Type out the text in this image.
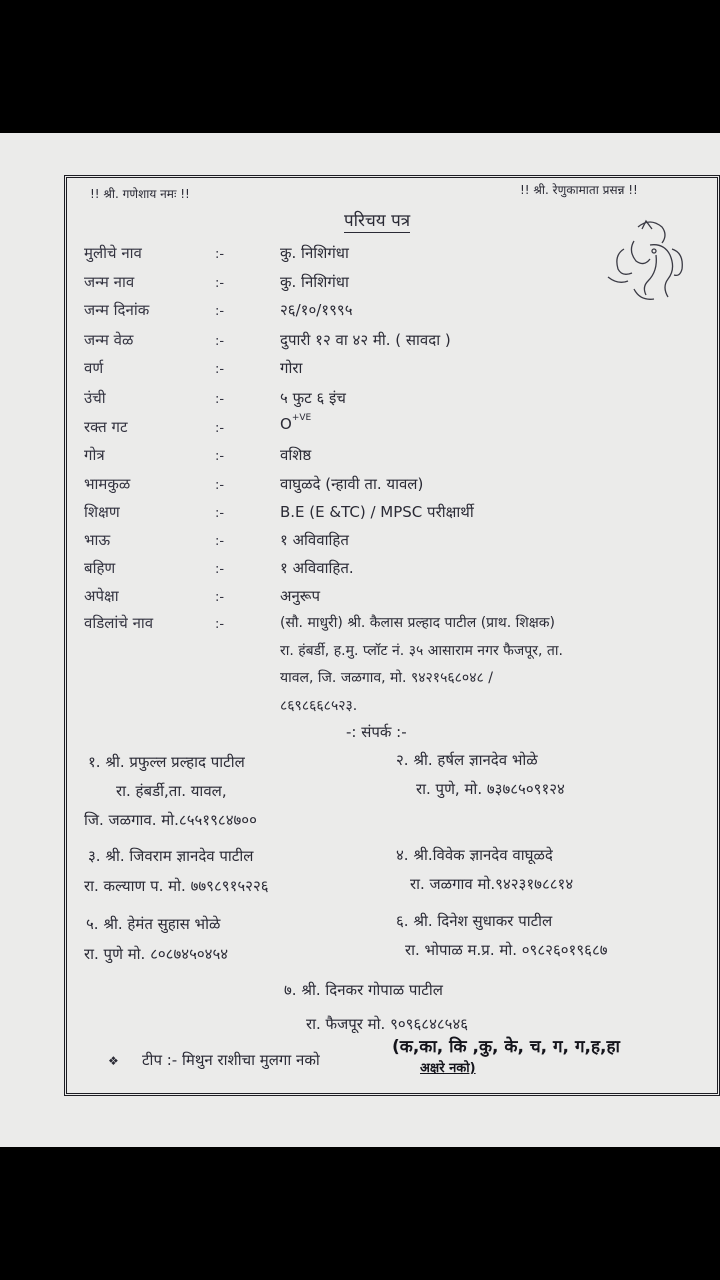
!! श्री. गणेशाय नमः !!	!! श्री. रेणुकामाता प्रसन्न !!
परिचय पत्र
मुलीचे नाव	:-	कु. निशिगंधा
जन्म नाव	:-	कु. निशिगंधा
जन्म दिनांक	:-	२६/१०/१९९५
जन्म वेळ	:-	दुपारी १२ वा ४२ मी. ( सावदा )
वर्ण	:-	गोरा
उंची	:-	५ फुट ६ इंच
रक्त गट	:-	$O^{+VE}$
गोत्र	:-	वशिष्ठ
भामकुळ	:-	वाघुळदे (न्हावी ता. यावल)
शिक्षण	:-	B.E (E &TC) / MPSC परीक्षार्थी
भाऊ	:-	१ अविवाहित
बहिण	:-	१ अविवाहित.
अपेक्षा	:-	अनुरूप
वडिलांचे नाव	:-	(सौ. माधुरी) श्री. कैलास प्रल्हाद पाटील (प्राथ. शिक्षक)
रा. हंबर्डी, ह.मु. प्लॉट नं. ३५ आसाराम नगर फैजपूर, ता.
यावल, जि. जळगाव, मो. ९४२१५६८०४८ /
८६९८६६८५२३.
-: संपर्क :-
१. श्री. प्रफुल्ल प्रल्हाद पाटील
रा. हंबर्डी,ता. यावल,
जि. जळगाव. मो.८५५१९८४७००
२. श्री. हर्षल ज्ञानदेव भोळे
रा. पुणे, मो. ७३७८५०९१२४
३. श्री. जिवराम ज्ञानदेव पाटील
रा. कल्याण प. मो. ७७९८९१५२२६
४. श्री.विवेक ज्ञानदेव वाघूळदे
रा. जळगाव मो.९४२३१७८८१४
५. श्री. हेमंत सुहास भोळे
रा. पुणे मो. ८०८७४५०४५४
६. श्री. दिनेश सुधाकर पाटील
रा. भोपाळ म.प्र. मो. ०९८२६०१९६८७
७. श्री. दिनकर गोपाळ पाटील
रा. फैजपूर मो. ९०९६८४८५४६
❖ टीप :- मिथुन राशीचा मुलगा नको
(क,का, कि ,कु, के, च, ग, ग,ह,हा
अक्षरे नको)
